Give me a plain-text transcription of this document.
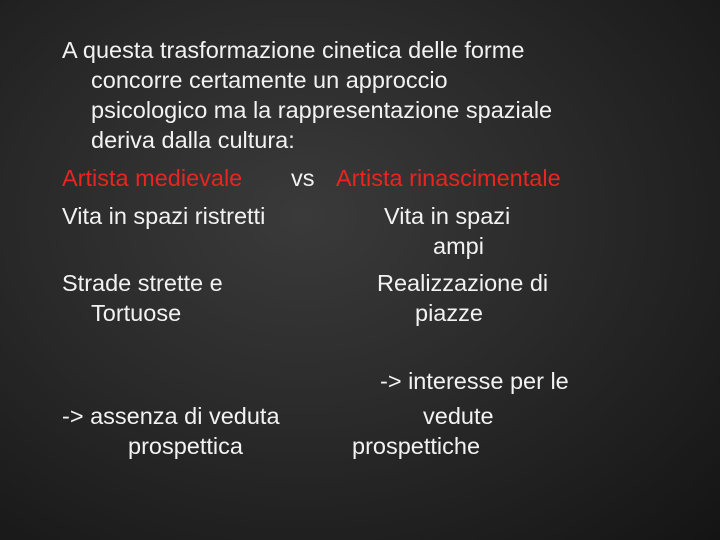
A questa trasformazione cinetica delle forme
concorre certamente un approccio
psicologico ma la rappresentazione spaziale
deriva dalla cultura:
Artista medievale vs Artista rinascimentale
Vita in spazi ristretti
Strade strette e
Tortuose
-> assenza di veduta
prospettica
Vita in spazi
ampi
Realizzazione di
piazze
-> interesse per le
vedute
prospettiche
